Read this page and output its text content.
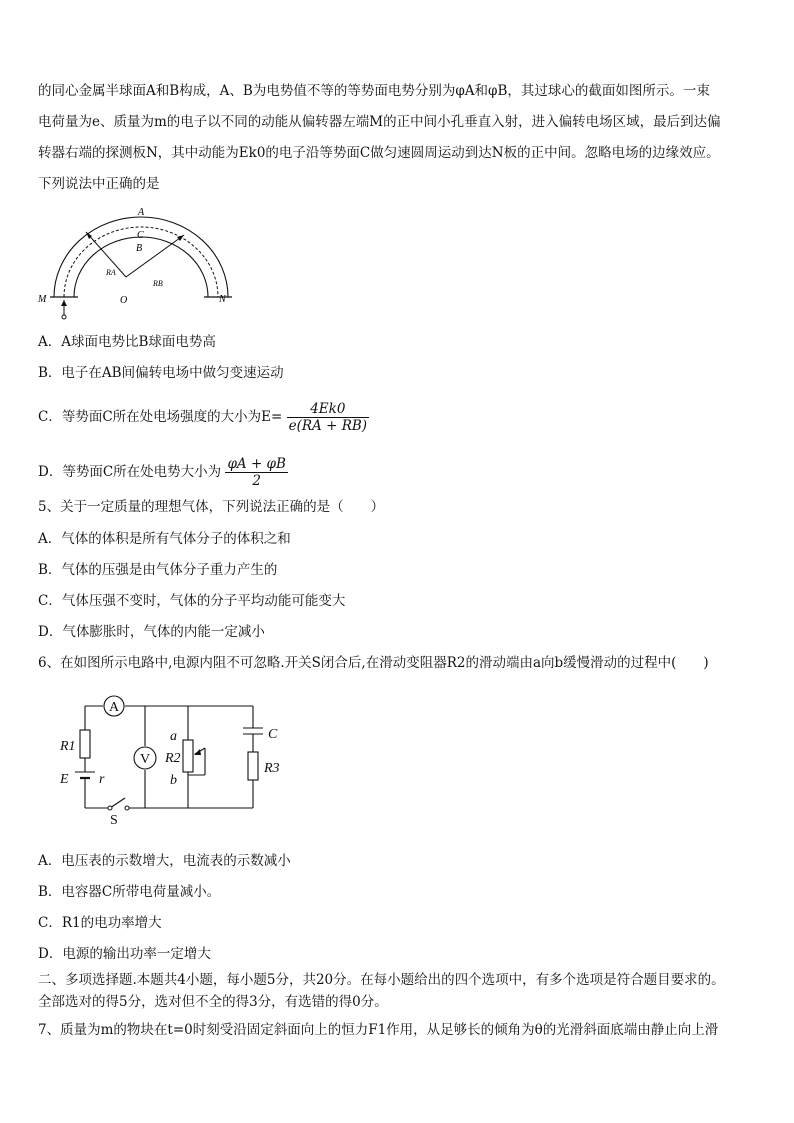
的同心金属半球面A和B构成，A、B为电势值不等的等势面电势分别为φA和φB，其过球心的截面如图所示。一束
电荷量为e、质量为m的电子以不同的动能从偏转器左端M的正中间小孔垂直入射，进入偏转电场区域，最后到达偏
转器右端的探测板N，其中动能为Ek0的电子沿等势面C做匀速圆周运动到达N板的正中间。忽略电场的边缘效应。
下列说法中正确的是
A
C
B
RA
RB
O
M	N
A．A球面电势比B球面电势高
B．电子在AB间偏转电场中做匀变速运动
C．等势面C所在处电场强度的大小为$E= \frac{4Ek0}{e(RA + RB)}$
D．等势面C所在处电势大小为 $\frac{\varphi A + \varphi B}{2}$
5、关于一定质量的理想气体，下列说法正确的是（　　）
A．气体的体积是所有气体分子的体积之和
B．气体的压强是由气体分子重力产生的
C．气体压强不变时，气体的分子平均动能可能变大
D．气体膨胀时，气体的内能一定减小
6、在如图所示电路中,电源内阻不可忽略.开关S闭合后,在滑动变阻器R2的滑动端由a向b缓慢滑动的过程中(　　)
A
V
R1
E r
a
R2
b
C
R3
S
A．电压表的示数增大，电流表的示数减小
B．电容器C所带电荷量减小。
C．R1的电功率增大
D．电源的输出功率一定增大
二、多项选择题.本题共4小题，每小题5分，共20分。在每小题给出的四个选项中，有多个选项是符合题目要求的。
全部选对的得5分，选对但不全的得3分，有选错的得0分。
7、质量为m的物块在t=0时刻受沿固定斜面向上的恒力F1作用，从足够长的倾角为θ的光滑斜面底端由静止向上滑
